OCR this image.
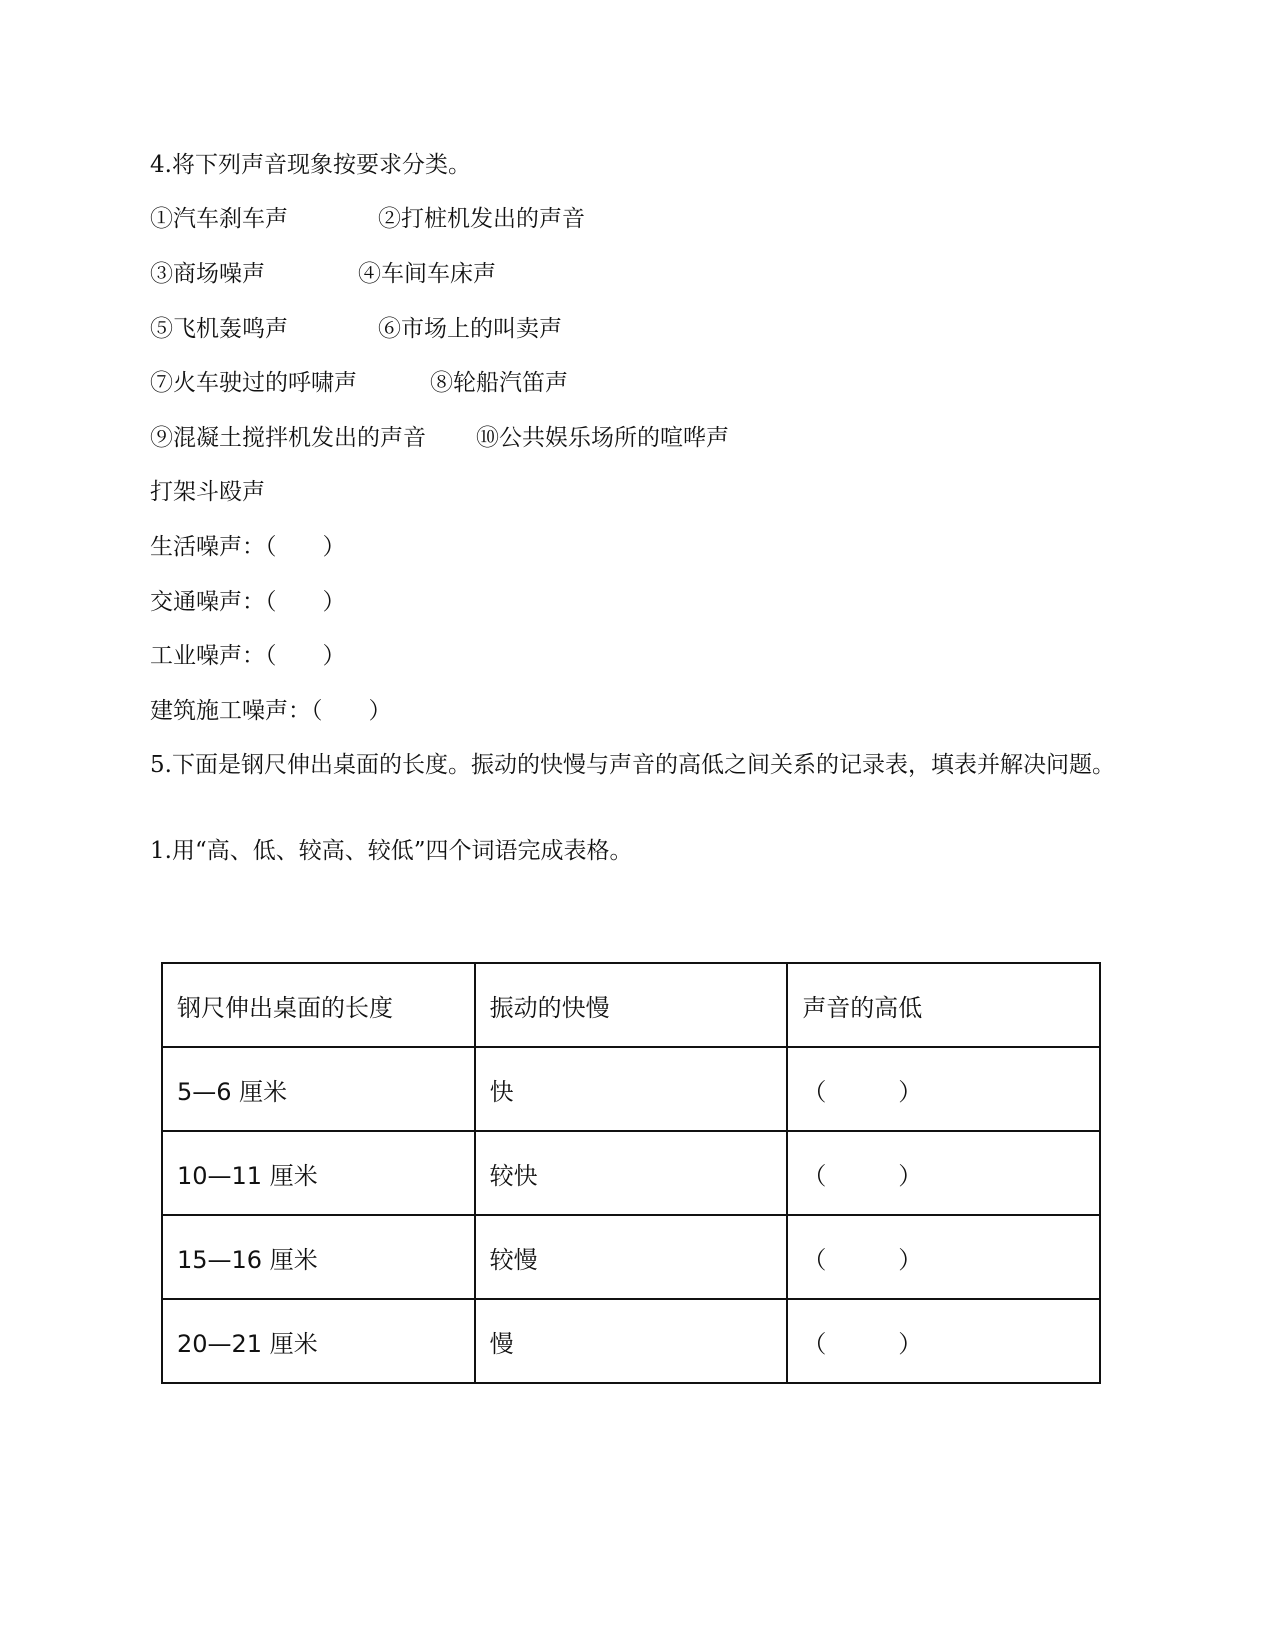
4.将下列声音现象按要求分类。
①汽车刹车声	②打桩机发出的声音
③商场噪声	④车间车床声
⑤飞机轰鸣声	⑥市场上的叫卖声
⑦火车驶过的呼啸声	⑧轮船汽笛声
⑨混凝土搅拌机发出的声音 ⑩公共娱乐场所的喧哗声
打架斗殴声
生活噪声：（　　）
交通噪声：（　　）
工业噪声：（　　）
建筑施工噪声：（　　）
5.下面是钢尺伸出桌面的长度。振动的快慢与声音的高低之间关系的记录表，填表并解决问题。
1.用“高、低、较高、较低”四个词语完成表格。
钢尺伸出桌面的长度	振动的快慢	声音的高低
5—6 厘米	快	（　　　）
10—11 厘米	较快	（　　　）
15—16 厘米	较慢	（　　　）
20—21 厘米	慢	（　　　）
